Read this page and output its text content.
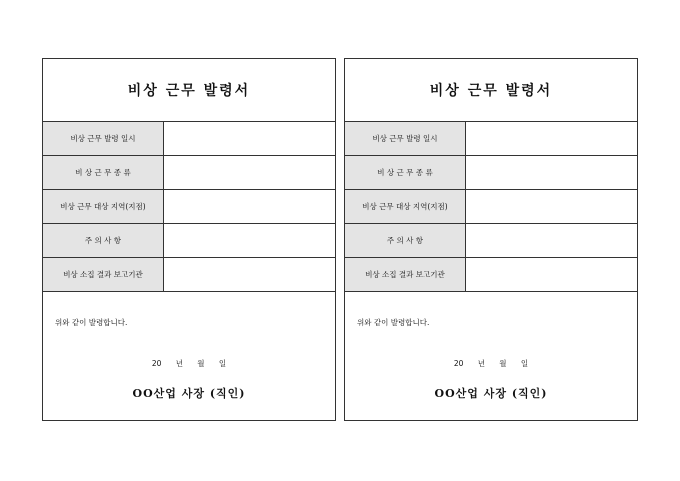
비상 근무 발령서
비상 근무 발령 일시
비 상 근 무 종 류
비상 근무 대상 지역(지점)
주 의 사 항
비상 소집 결과 보고기관
위와 같이 발령합니다.
20      년      월      일
OO산업 사장 (직인)
비상 근무 발령서
비상 근무 발령 일시
비 상 근 무 종 류
비상 근무 대상 지역(지점)
주 의 사 항
비상 소집 결과 보고기관
위와 같이 발령합니다.
20      년      월      일
OO산업 사장 (직인)
